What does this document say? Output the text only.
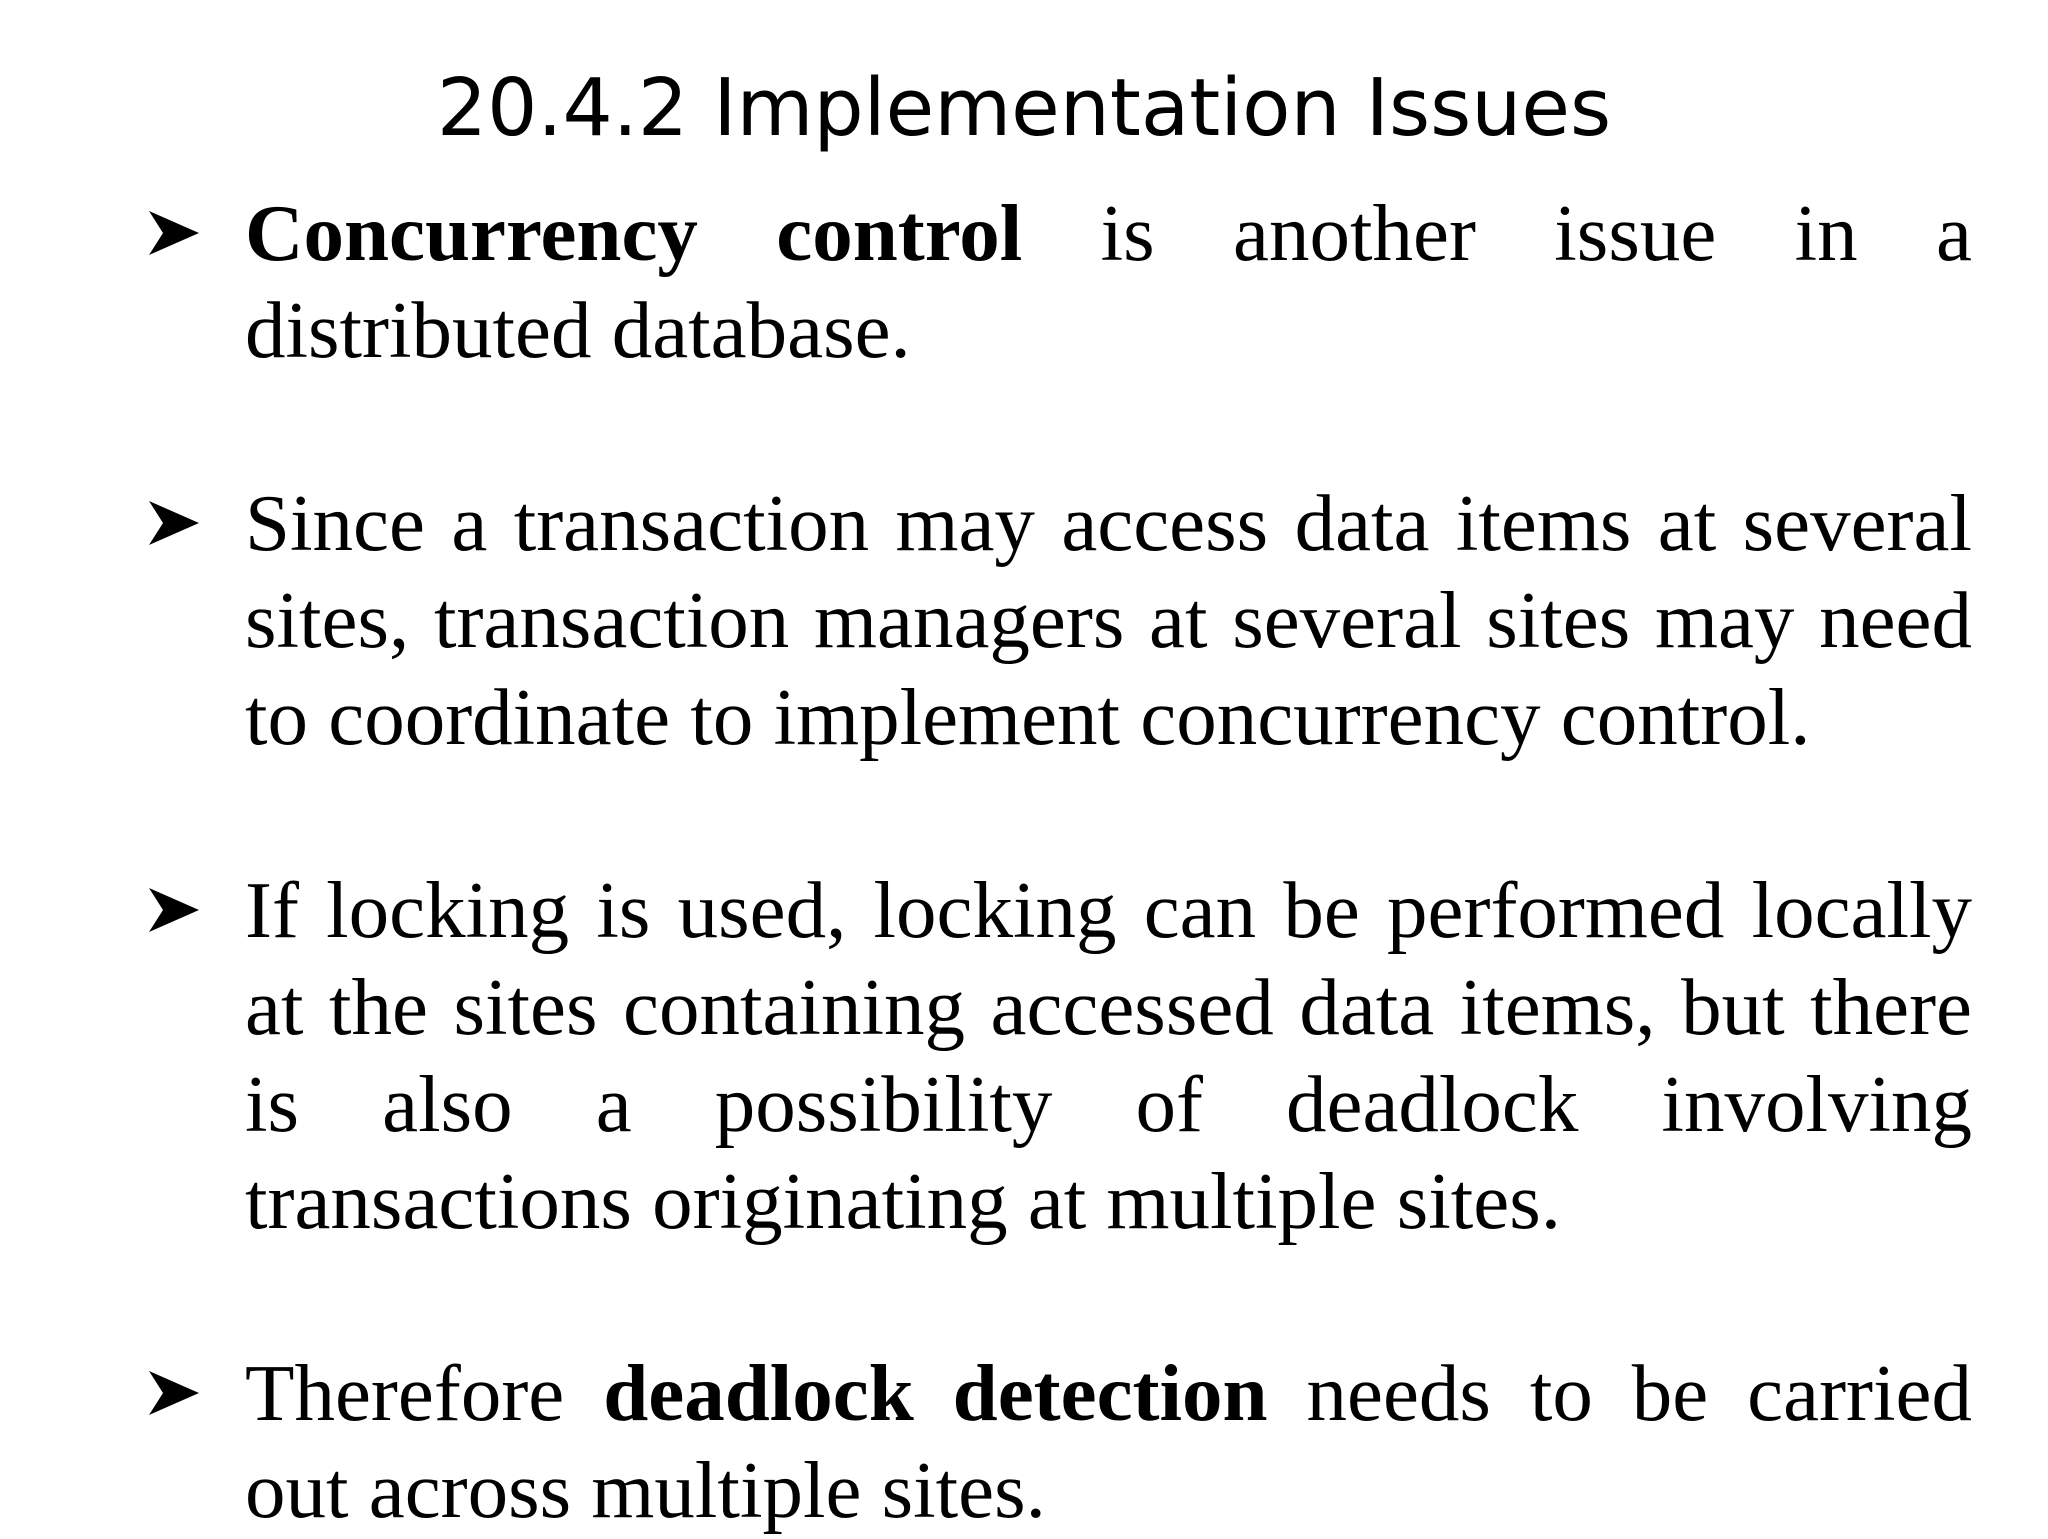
20.4.2 Implementation Issues

Concurrency control is another issue in a distributed database.

Since a transaction may access data items at several sites, transaction managers at several sites may need to coordinate to implement concurrency control.

If locking is used, locking can be performed locally at the sites containing accessed data items, but there is also a possibility of deadlock involving transactions originating at multiple sites.

Therefore deadlock detection needs to be carried out across multiple sites.
